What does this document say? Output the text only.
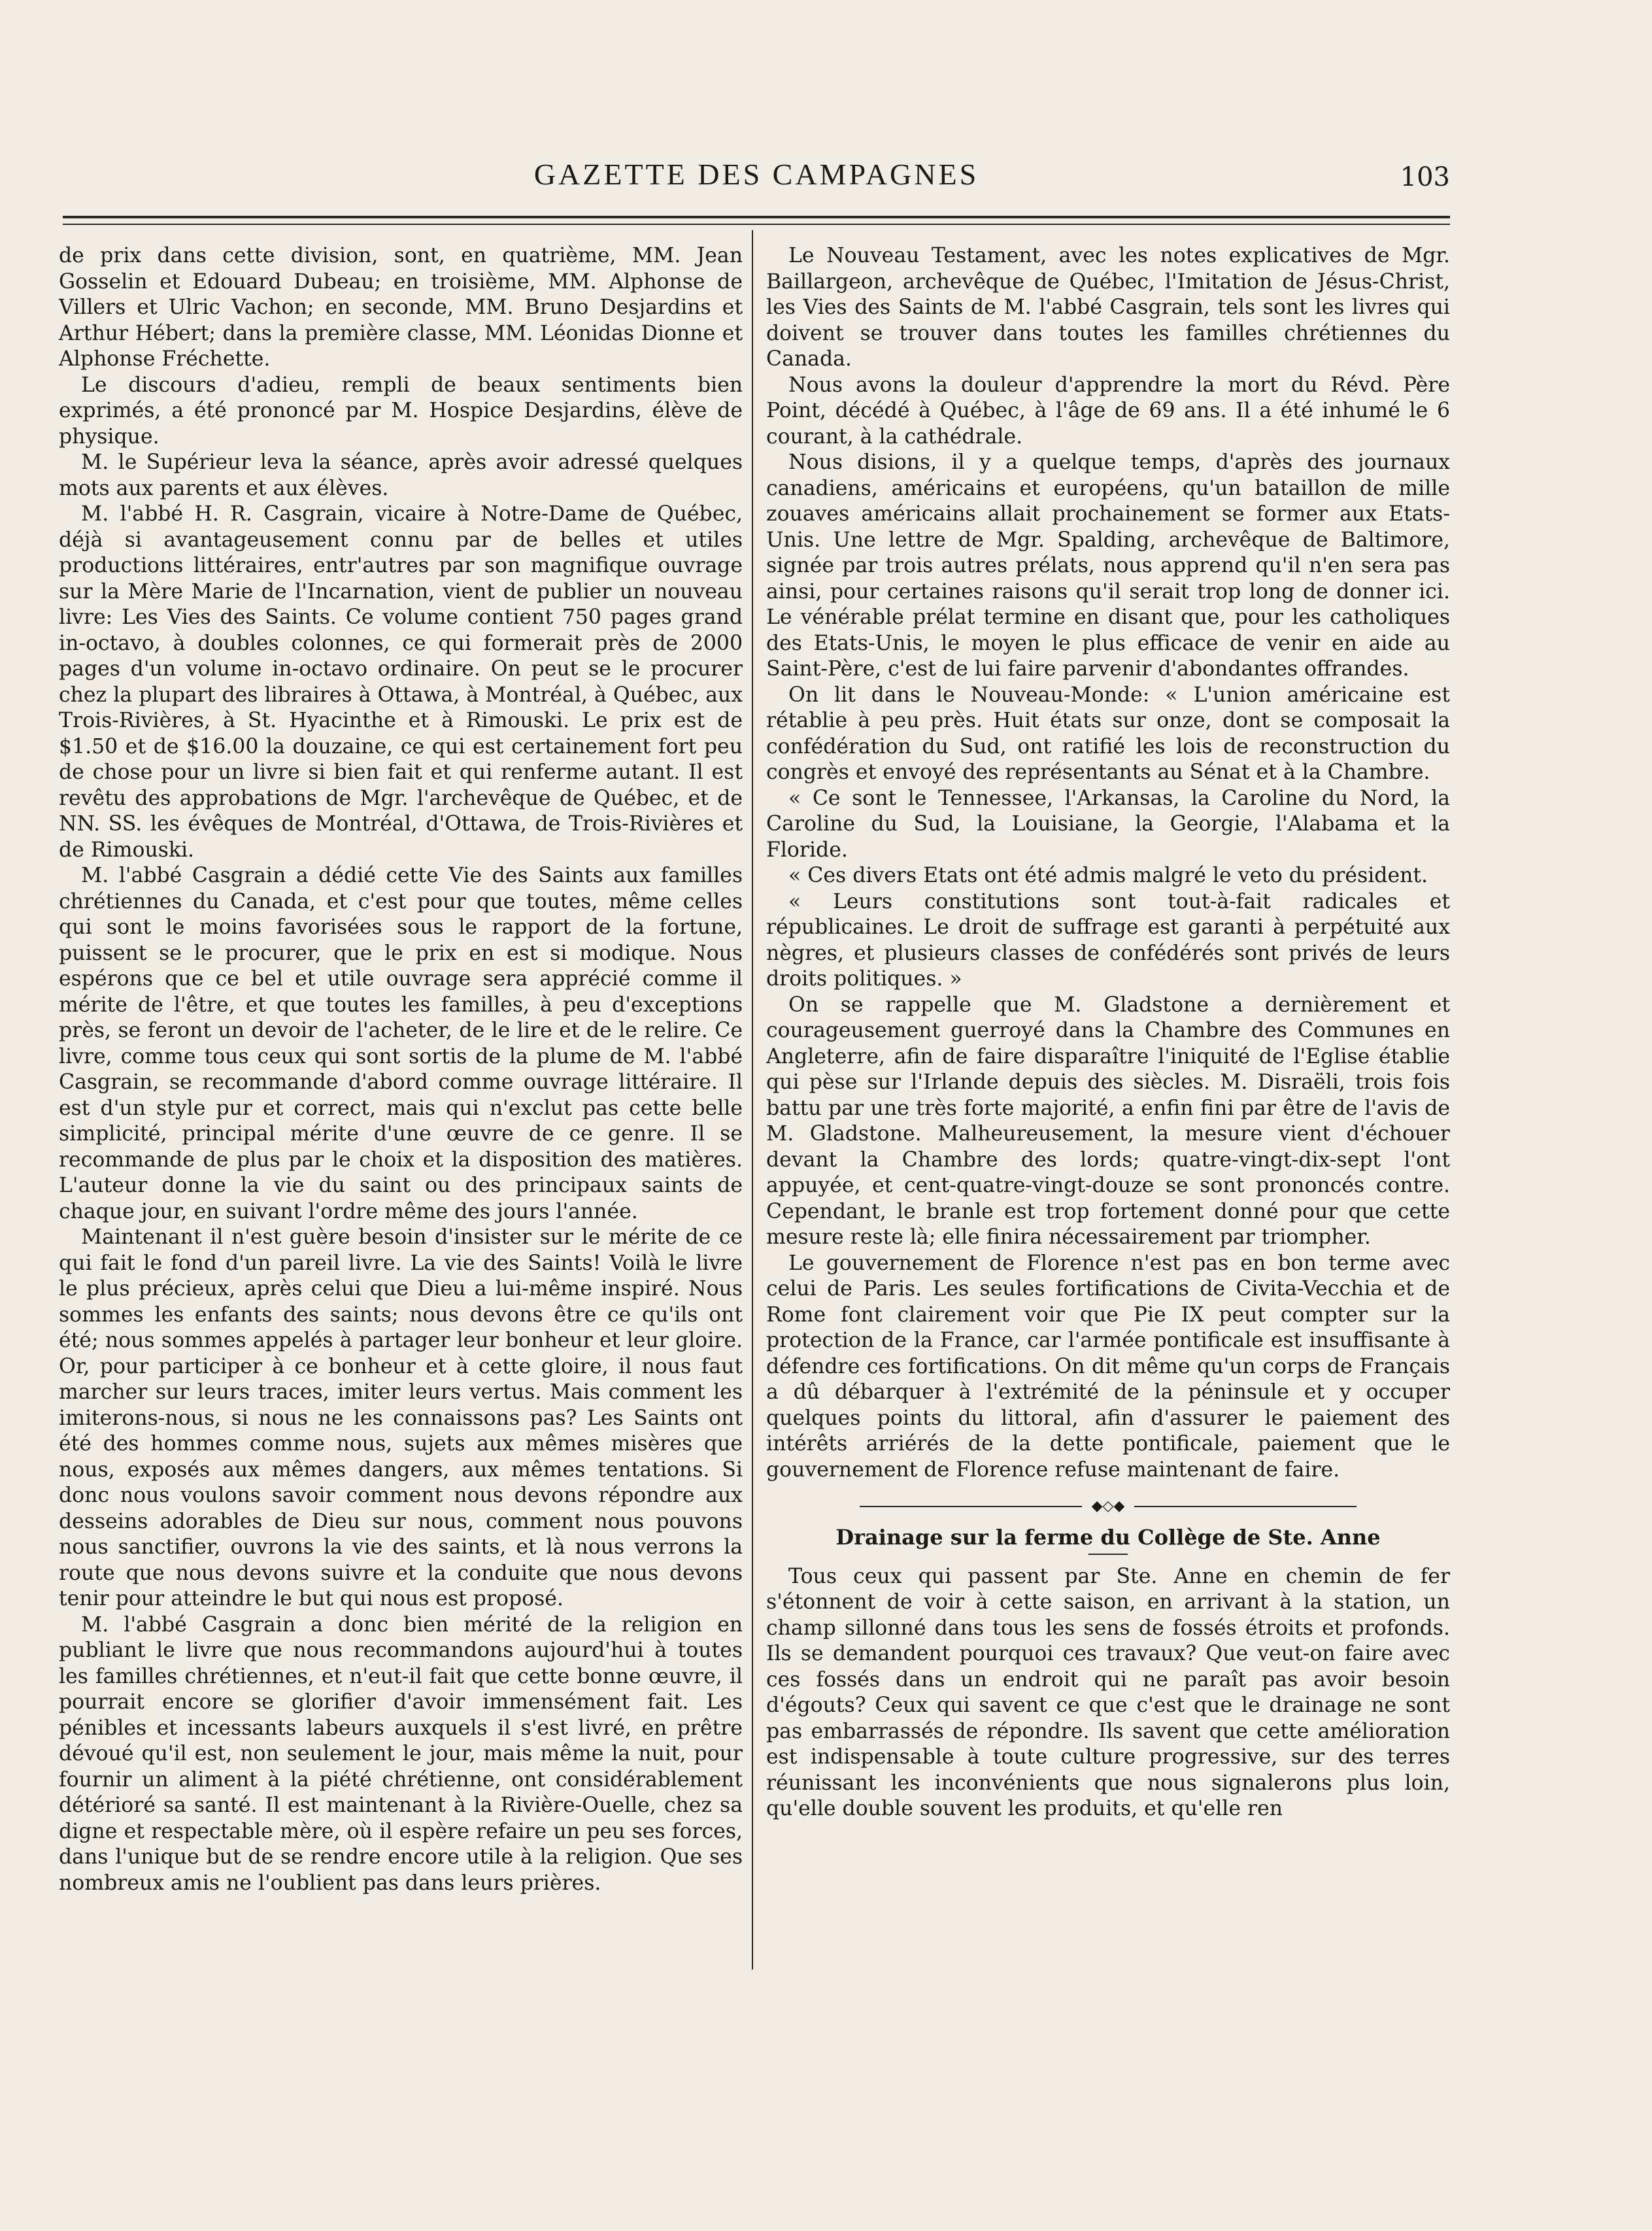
GAZETTE DES CAMPAGNES	103

de prix dans cette division, sont, en quatrième, MM. Jean Gosselin et Edouard Dubeau; en troisième, MM. Alphonse de Villers et Ulric Vachon; en seconde, MM. Bruno Desjardins et Arthur Hébert; dans la première classe, MM. Léonidas Dionne et Alphonse Fréchette.

Le discours d'adieu, rempli de beaux sentiments bien exprimés, a été prononcé par M. Hospice Desjardins, élève de physique.

M. le Supérieur leva la séance, après avoir adressé quelques mots aux parents et aux élèves.

M. l'abbé H. R. Casgrain, vicaire à Notre-Dame de Québec, déjà si avantageusement connu par de belles et utiles productions littéraires, entr'autres par son magnifique ouvrage sur la Mère Marie de l'Incarnation, vient de publier un nouveau livre: Les Vies des Saints. Ce volume contient 750 pages grand in-octavo, à doubles colonnes, ce qui formerait près de 2000 pages d'un volume in-octavo ordinaire. On peut se le procurer chez la plupart des libraires à Ottawa, à Montréal, à Québec, aux Trois-Rivières, à St. Hyacinthe et à Rimouski. Le prix est de $1.50 et de $16.00 la douzaine, ce qui est certainement fort peu de chose pour un livre si bien fait et qui renferme autant. Il est revêtu des approbations de Mgr. l'archevêque de Québec, et de NN. SS. les évêques de Montréal, d'Ottawa, de Trois-Rivières et de Rimouski.

M. l'abbé Casgrain a dédié cette Vie des Saints aux familles chrétiennes du Canada, et c'est pour que toutes, même celles qui sont le moins favorisées sous le rapport de la fortune, puissent se le procurer, que le prix en est si modique. Nous espérons que ce bel et utile ouvrage sera apprécié comme il mérite de l'être, et que toutes les familles, à peu d'exceptions près, se feront un devoir de l'acheter, de le lire et de le relire. Ce livre, comme tous ceux qui sont sortis de la plume de M. l'abbé Casgrain, se recommande d'abord comme ouvrage littéraire. Il est d'un style pur et correct, mais qui n'exclut pas cette belle simplicité, principal mérite d'une œuvre de ce genre. Il se recommande de plus par le choix et la disposition des matières. L'auteur donne la vie du saint ou des principaux saints de chaque jour, en suivant l'ordre même des jours l'année.

Maintenant il n'est guère besoin d'insister sur le mérite de ce qui fait le fond d'un pareil livre. La vie des Saints! Voilà le livre le plus précieux, après celui que Dieu a lui-même inspiré. Nous sommes les enfants des saints; nous devons être ce qu'ils ont été; nous sommes appelés à partager leur bonheur et leur gloire. Or, pour participer à ce bonheur et à cette gloire, il nous faut marcher sur leurs traces, imiter leurs vertus. Mais comment les imiterons-nous, si nous ne les connaissons pas? Les Saints ont été des hommes comme nous, sujets aux mêmes misères que nous, exposés aux mêmes dangers, aux mêmes tentations. Si donc nous voulons savoir comment nous devons répondre aux desseins adorables de Dieu sur nous, comment nous pouvons nous sanctifier, ouvrons la vie des saints, et là nous verrons la route que nous devons suivre et la conduite que nous devons tenir pour atteindre le but qui nous est proposé.

M. l'abbé Casgrain a donc bien mérité de la religion en publiant le livre que nous recommandons aujourd'hui à toutes les familles chrétiennes, et n'eut-il fait que cette bonne œuvre, il pourrait encore se glorifier d'avoir immensément fait. Les pénibles et incessants labeurs auxquels il s'est livré, en prêtre dévoué qu'il est, non seulement le jour, mais même la nuit, pour fournir un aliment à la piété chrétienne, ont considérablement détérioré sa santé. Il est maintenant à la Rivière-Ouelle, chez sa digne et respectable mère, où il espère refaire un peu ses forces, dans l'unique but de se rendre encore utile à la religion. Que ses nombreux amis ne l'oublient pas dans leurs prières.

Le Nouveau Testament, avec les notes explicatives de Mgr. Baillargeon, archevêque de Québec, l'Imitation de Jésus-Christ, les Vies des Saints de M. l'abbé Casgrain, tels sont les livres qui doivent se trouver dans toutes les familles chrétiennes du Canada.

Nous avons la douleur d'apprendre la mort du Révd. Père Point, décédé à Québec, à l'âge de 69 ans. Il a été inhumé le 6 courant, à la cathédrale.

Nous disions, il y a quelque temps, d'après des journaux canadiens, américains et européens, qu'un bataillon de mille zouaves américains allait prochainement se former aux Etats-Unis. Une lettre de Mgr. Spalding, archevêque de Baltimore, signée par trois autres prélats, nous apprend qu'il n'en sera pas ainsi, pour certaines raisons qu'il serait trop long de donner ici. Le vénérable prélat termine en disant que, pour les catholiques des Etats-Unis, le moyen le plus efficace de venir en aide au Saint-Père, c'est de lui faire parvenir d'abondantes offrandes.

On lit dans le Nouveau-Monde: « L'union américaine est rétablie à peu près. Huit états sur onze, dont se composait la confédération du Sud, ont ratifié les lois de reconstruction du congrès et envoyé des représentants au Sénat et à la Chambre.

« Ce sont le Tennessee, l'Arkansas, la Caroline du Nord, la Caroline du Sud, la Louisiane, la Georgie, l'Alabama et la Floride.

« Ces divers Etats ont été admis malgré le veto du président.

« Leurs constitutions sont tout-à-fait radicales et républicaines. Le droit de suffrage est garanti à perpétuité aux nègres, et plusieurs classes de confédérés sont privés de leurs droits politiques. »

On se rappelle que M. Gladstone a dernièrement et courageusement guerroyé dans la Chambre des Communes en Angleterre, afin de faire disparaître l'iniquité de l'Eglise établie qui pèse sur l'Irlande depuis des siècles. M. Disraëli, trois fois battu par une très forte majorité, a enfin fini par être de l'avis de M. Gladstone. Malheureusement, la mesure vient d'échouer devant la Chambre des lords; quatre-vingt-dix-sept l'ont appuyée, et cent-quatre-vingt-douze se sont prononcés contre. Cependant, le branle est trop fortement donné pour que cette mesure reste là; elle finira nécessairement par triompher.

Le gouvernement de Florence n'est pas en bon terme avec celui de Paris. Les seules fortifications de Civita-Vecchia et de Rome font clairement voir que Pie IX peut compter sur la protection de la France, car l'armée pontificale est insuffisante à défendre ces fortifications. On dit même qu'un corps de Français a dû débarquer à l'extrémité de la péninsule et y occuper quelques points du littoral, afin d'assurer le paiement des intérêts arriérés de la dette pontificale, paiement que le gouvernement de Florence refuse maintenant de faire.

◆◇◆
Drainage sur la ferme du Collège de Ste. Anne

Tous ceux qui passent par Ste. Anne en chemin de fer s'étonnent de voir à cette saison, en arrivant à la station, un champ sillonné dans tous les sens de fossés étroits et profonds. Ils se demandent pourquoi ces travaux? Que veut-on faire avec ces fossés dans un endroit qui ne paraît pas avoir besoin d'égouts? Ceux qui savent ce que c'est que le drainage ne sont pas embarrassés de répondre. Ils savent que cette amélioration est indispensable à toute culture progressive, sur des terres réunissant les inconvénients que nous signalerons plus loin, qu'elle double souvent les produits, et qu'elle ren
